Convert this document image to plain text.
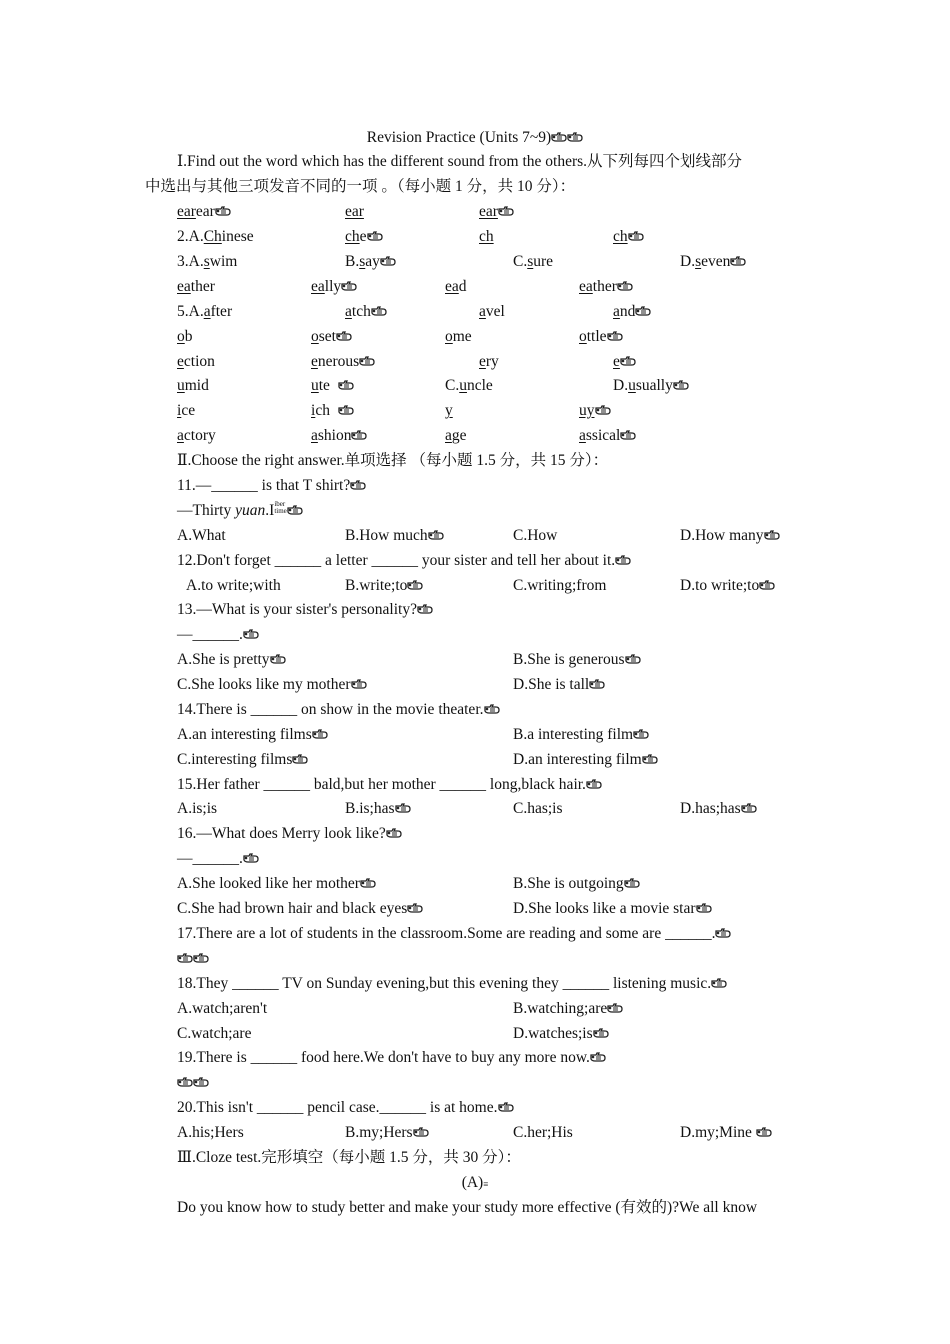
Revision Practice (Units 7~9)
Ⅰ.Find out the word which has the different sound from the others.从下列每四个划线部分
中选出与其他三项发音不同的一项 。（每小题 1 分，共 10 分）：
earear	ear	ear
2.A.Chinese	che	ch	ch
3.A.swim	B.say	C.sure	D.seven
eather	eally	ead	eather
5.A.after	atch	avel	and
ob	oset	ome	ottle
ection	enerous	ery	e
umid	ute	C.uncle	D.usually
ice	ich	y	uy
actory	ashion	age	assical
Ⅱ.Choose the right answer.单项选择 （每小题 1.5 分，共 15 分）：
11.—______ is that T shirt?
—Thirty yuan.I iber
time
A.What	B.How much	C.How	D.How many
12.Don't forget ______ a letter ______ your sister and tell her about it.
A.to write;with	B.write;to	C.writing;from	D.to write;to
13.—What is your sister's personality?
—______.
A.She is pretty	B.She is generous
C.She looks like my mother	D.She is tall
14.There is ______ on show in the movie theater.
A.an interesting films	B.a interesting film
C.interesting films	D.an interesting film
15.Her father ______ bald,but her mother ______ long,black hair.
A.is;is	B.is;has	C.has;is	D.has;has
16.—What does Merry look like?
—______.
A.She looked like her mother	B.She is outgoing
C.She had brown hair and black eyes	D.She looks like a movie star
17.There are a lot of students in the classroom.Some are reading and some are ______.
18.They ______ TV on Sunday evening,but this evening they ______ listening music.
A.watch;aren't	B.watching;are
C.watch;are	D.watches;is
19.There is ______ food here.We don't have to buy any more now.
20.This isn't ______ pencil case.______ is at home.
A.his;Hers	B.my;Hers	C.her;His	D.my;Mine
Ⅲ.Cloze test.完形填空（每小题 1.5 分，共 30 分）：
(A)≡
Do you know how to study better and make your study more effective (有效的)?We all know
